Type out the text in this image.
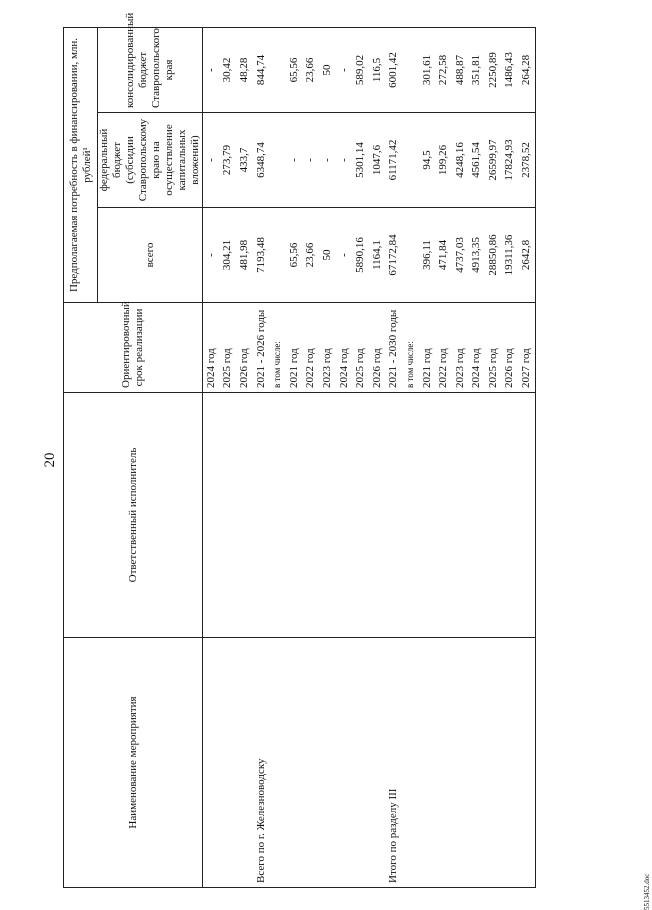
20
Наименование мероприятия	Ответственный исполнитель	Ориентировочный срок реализации	Предполагаемая потребность в финансировании, млн. рублей¹		
			всего	федеральный бюджет (субсидии Ставропольскому краю на осуществление капитальных вложений)	консолидированный бюджет Ставропольского края
		2024 год	-	-	-
		2025 год	304,21	273,79	30,42
		2026 год	481,98	433,7	48,28
Всего по г. Железноводску		2021 - 2026 годы	7193,48	6348,74	844,74
		в том числе:			
		2021 год	65,56	-	65,56
		2022 год	23,66	-	23,66
		2023 год	50	-	50
		2024 год	-	-	-
		2025 год	5890,16	5301,14	589,02
		2026 год	1164,1	1047,6	116,5
Итого по разделу III		2021 - 2030 годы	67172,84	61171,42	6001,42
		в том числе:			
		2021 год	396,11	94,5	301,61
		2022 год	471,84	199,26	272,58
		2023 год	4737,03	4248,16	488,87
		2024 год	4913,35	4561,54	351,81
		2025 год	28850,86	26599,97	2250,89
		2026 год	19311,36	17824,93	1486,43
		2027 год	2642,8	2378,52	264,28
5513452.doc
